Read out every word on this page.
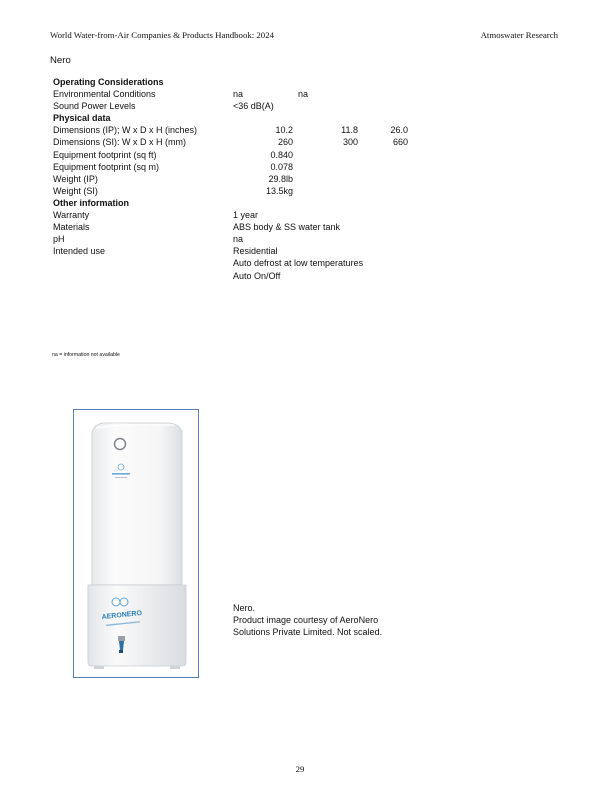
World Water-from-Air Companies & Products Handbook: 2024	Atmoswater Research
Nero
Operating Considerations
Environmental Conditions	na	na
Sound Power Levels	<36 dB(A)
Physical data
Dimensions (IP); W x D x H (inches)	10.2	11.8	26.0
Dimensions (SI): W x D x H (mm)	260	300	660
Equipment footprint (sq ft)	0.840
Equipment footprint (sq m)	0.078
Weight (IP)	29.8lb
Weight (SI)	13.5kg
Other information
Warranty	1 year
Materials	ABS body & SS water tank
pH	na
Intended use	Residential
Auto defrost at low temperatures
Auto On/Off
na = information not available
AERONERO
Nero.
Product image courtesy of AeroNero
Solutions Private Limited. Not scaled.
29
